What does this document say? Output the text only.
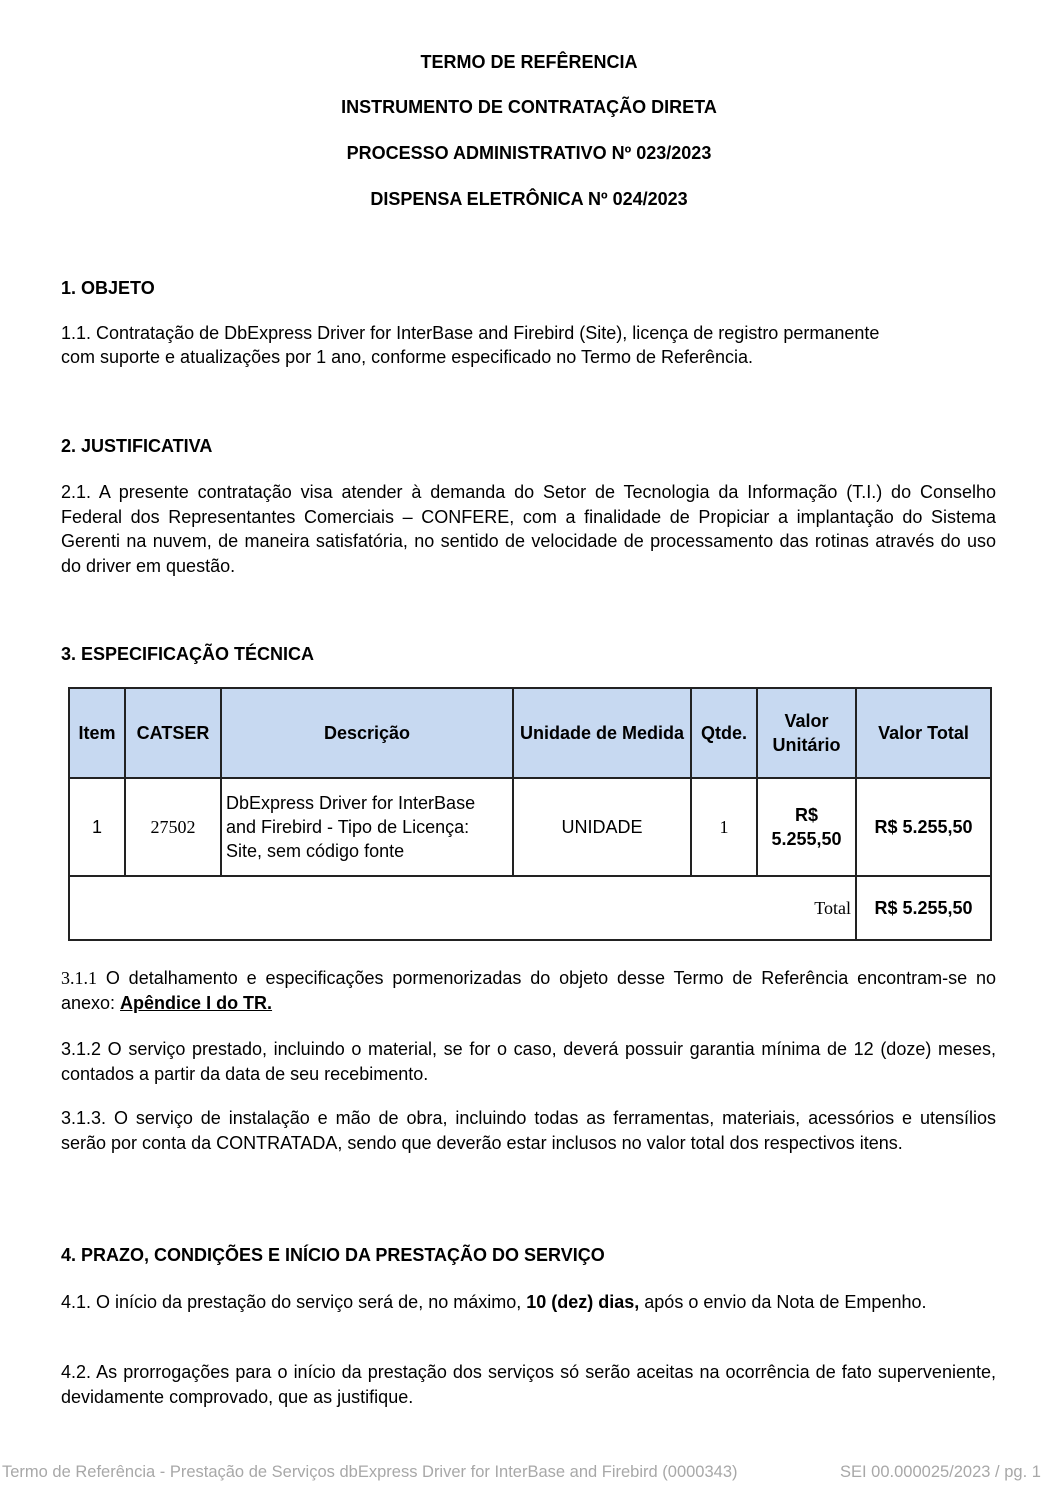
TERMO DE REFÊRENCIA
INSTRUMENTO DE CONTRATAÇÃO DIRETA
PROCESSO ADMINISTRATIVO Nº 023/2023
DISPENSA ELETRÔNICA Nº 024/2023
1. OBJETO
1.1. Contratação de DbExpress Driver for InterBase and Firebird (Site), licença de registro permanente
com suporte e atualizações por 1 ano, conforme especificado no Termo de Referência.
2. JUSTIFICATIVA
2.1. A presente contratação visa atender à demanda do Setor de Tecnologia da Informação (T.I.) do Conselho Federal dos Representantes Comerciais – CONFERE, com a finalidade de Propiciar a implantação do Sistema Gerenti na nuvem, de maneira satisfatória, no sentido de velocidade de processamento das rotinas através do uso do driver em questão.
3. ESPECIFICAÇÃO TÉCNICA
Item	CATSER	Descrição	Unidade de Medida	Qtde.	Valor Unitário	Valor Total
1	27502	DbExpress Driver for InterBase and Firebird - Tipo de Licença: Site, sem código fonte	UNIDADE	1	R$ 5.255,50	R$ 5.255,50
Total						R$ 5.255,50
3.1.1 O detalhamento e especificações pormenorizadas do objeto desse Termo de Referência encontram-se no anexo: Apêndice I do TR.
3.1.2 O serviço prestado, incluindo o material, se for o caso, deverá possuir garantia mínima de 12 (doze) meses, contados a partir da data de seu recebimento.
3.1.3. O serviço de instalação e mão de obra, incluindo todas as ferramentas, materiais, acessórios e utensílios serão por conta da CONTRATADA, sendo que deverão estar inclusos no valor total dos respectivos itens.
4. PRAZO, CONDIÇÕES E INÍCIO DA PRESTAÇÃO DO SERVIÇO
4.1. O início da prestação do serviço será de, no máximo, 10 (dez) dias, após o envio da Nota de Empenho.
4.2. As prorrogações para o início da prestação dos serviços só serão aceitas na ocorrência de fato superveniente, devidamente comprovado, que as justifique.
Termo de Referência - Prestação de Serviços dbExpress Driver for InterBase and Firebird (0000343)	SEI 00.000025/2023 / pg. 1
